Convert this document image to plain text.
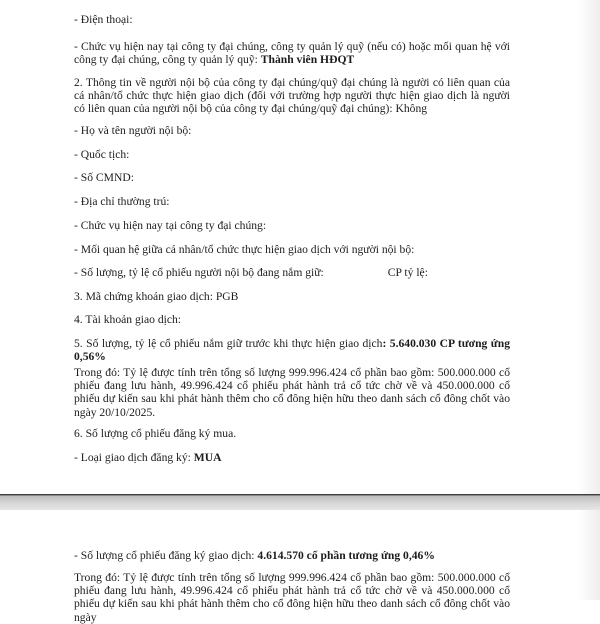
- Điện thoại:
- Chức vụ hiện nay tại công ty đại chúng, công ty quản lý quỹ (nếu có) hoặc mối quan hệ với công ty đại chúng, công ty quản lý quỹ: Thành viên HĐQT
2. Thông tin về người nội bộ của công ty đại chúng/quỹ đại chúng là người có liên quan của cá nhân/tổ chức thực hiện giao dịch (đối với trường hợp người thực hiện giao dịch là người có liên quan của người nội bộ của công ty đại chúng/quỹ đại chúng): Không
- Họ và tên người nội bộ:
- Quốc tịch:
- Số CMND:
- Địa chỉ thường trú:
- Chức vụ hiện nay tại công ty đại chúng:
- Mối quan hệ giữa cá nhân/tổ chức thực hiện giao dịch với người nội bộ:
- Số lượng, tỷ lệ cổ phiếu người nội bộ đang nắm giữ:	CP tỷ lệ:
3. Mã chứng khoán giao dịch: PGB
4. Tài khoản giao dịch:
5. Số lượng, tỷ lệ cổ phiếu nắm giữ trước khi thực hiện giao dịch: 5.640.030 CP tương ứng 0,56%
Trong đó: Tỷ lệ được tính trên tổng số lượng 999.996.424 cổ phần bao gồm: 500.000.000 cổ phiếu đang lưu hành, 49.996.424 cổ phiếu phát hành trả cổ tức chờ về và 450.000.000 cổ phiếu dự kiến sau khi phát hành thêm cho cổ đông hiện hữu theo danh sách cổ đông chốt vào ngày 20/10/2025.
6. Số lượng cổ phiếu đăng ký mua.
- Loại giao dịch đăng ký: MUA
- Số lượng cổ phiếu đăng ký giao dịch: 4.614.570 cổ phần tương ứng 0,46%
Trong đó: Tỷ lệ được tính trên tổng số lượng 999.996.424 cổ phần bao gồm: 500.000.000 cổ phiếu đang lưu hành, 49.996.424 cổ phiếu phát hành trả cổ tức chờ về và 450.000.000 cổ phiếu dự kiến sau khi phát hành thêm cho cổ đông hiện hữu theo danh sách cổ đông chốt vào ngày
